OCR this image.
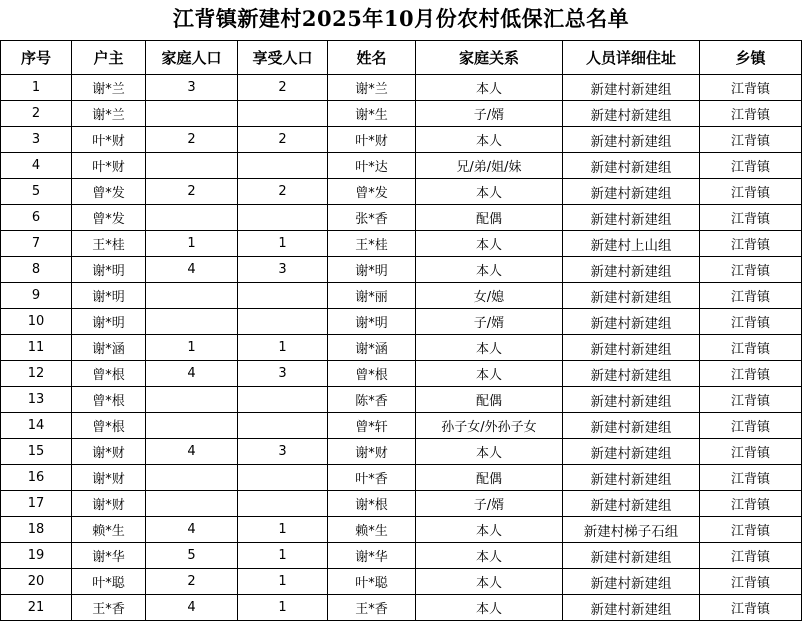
江背镇新建村2025年10月份农村低保汇总名单
序号	户主	家庭人口	享受人口	姓名	家庭关系	人员详细住址	乡镇
1	谢*兰	3	2	谢*兰	本人	新建村新建组	江背镇
2	谢*兰			谢*生	子/婿	新建村新建组	江背镇
3	叶*财	2	2	叶*财	本人	新建村新建组	江背镇
4	叶*财			叶*达	兄/弟/姐/妹	新建村新建组	江背镇
5	曾*发	2	2	曾*发	本人	新建村新建组	江背镇
6	曾*发			张*香	配偶	新建村新建组	江背镇
7	王*桂	1	1	王*桂	本人	新建村上山组	江背镇
8	谢*明	4	3	谢*明	本人	新建村新建组	江背镇
9	谢*明			谢*丽	女/媳	新建村新建组	江背镇
10	谢*明			谢*明	子/婿	新建村新建组	江背镇
11	谢*涵	1	1	谢*涵	本人	新建村新建组	江背镇
12	曾*根	4	3	曾*根	本人	新建村新建组	江背镇
13	曾*根			陈*香	配偶	新建村新建组	江背镇
14	曾*根			曾*轩	孙子女/外孙子女	新建村新建组	江背镇
15	谢*财	4	3	谢*财	本人	新建村新建组	江背镇
16	谢*财			叶*香	配偶	新建村新建组	江背镇
17	谢*财			谢*根	子/婿	新建村新建组	江背镇
18	赖*生	4	1	赖*生	本人	新建村梯子石组	江背镇
19	谢*华	5	1	谢*华	本人	新建村新建组	江背镇
20	叶*聪	2	1	叶*聪	本人	新建村新建组	江背镇
21	王*香	4	1	王*香	本人	新建村新建组	江背镇
